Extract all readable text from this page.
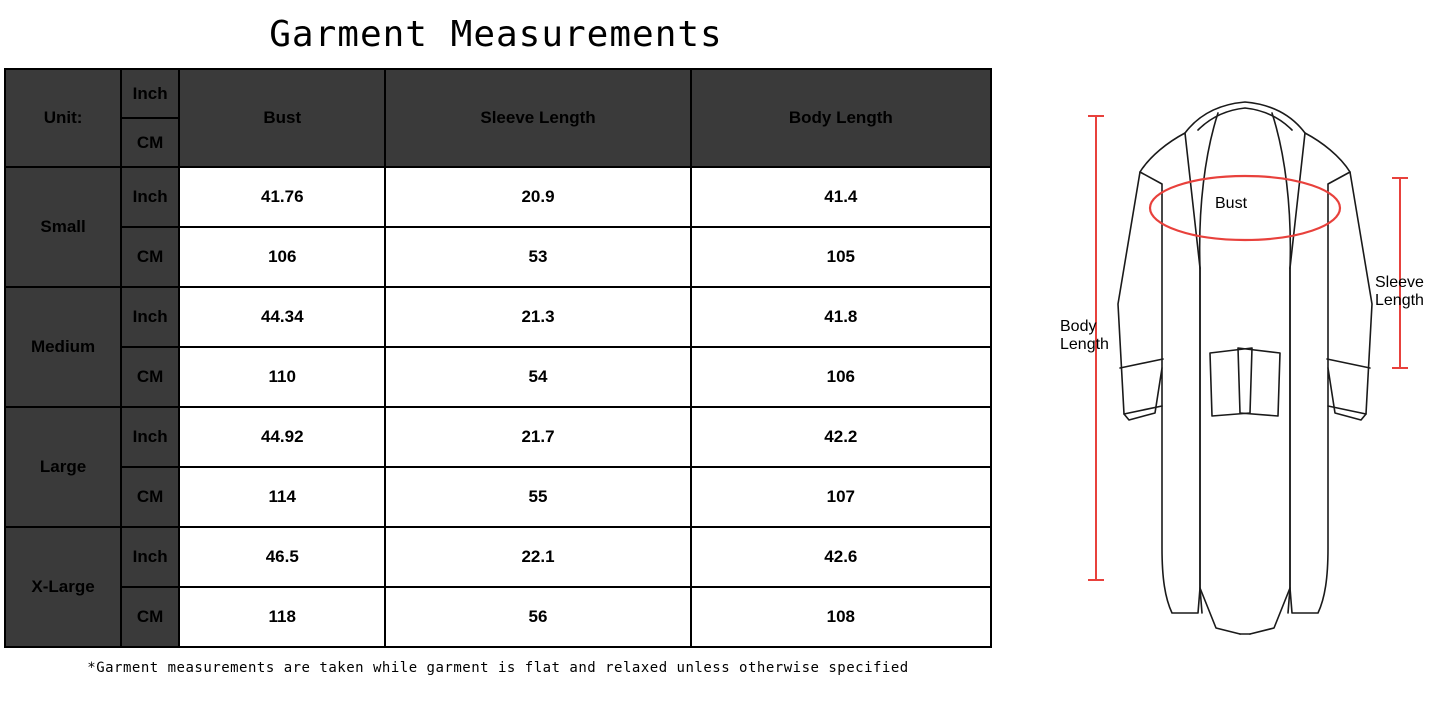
Garment Measurements
Unit:	Inch	Bust	Sleeve Length	Body Length
	CM			
Small	Inch	41.76	20.9	41.4
	CM	106	53	105
Medium	Inch	44.34	21.3	41.8
	CM	110	54	106
Large	Inch	44.92	21.7	42.2
	CM	114	55	107
X-Large	Inch	46.5	22.1	42.6
	CM	118	56	108
*Garment measurements are taken while garment is flat and relaxed unless otherwise specified
Bust
Sleeve
Length
Body
Length
